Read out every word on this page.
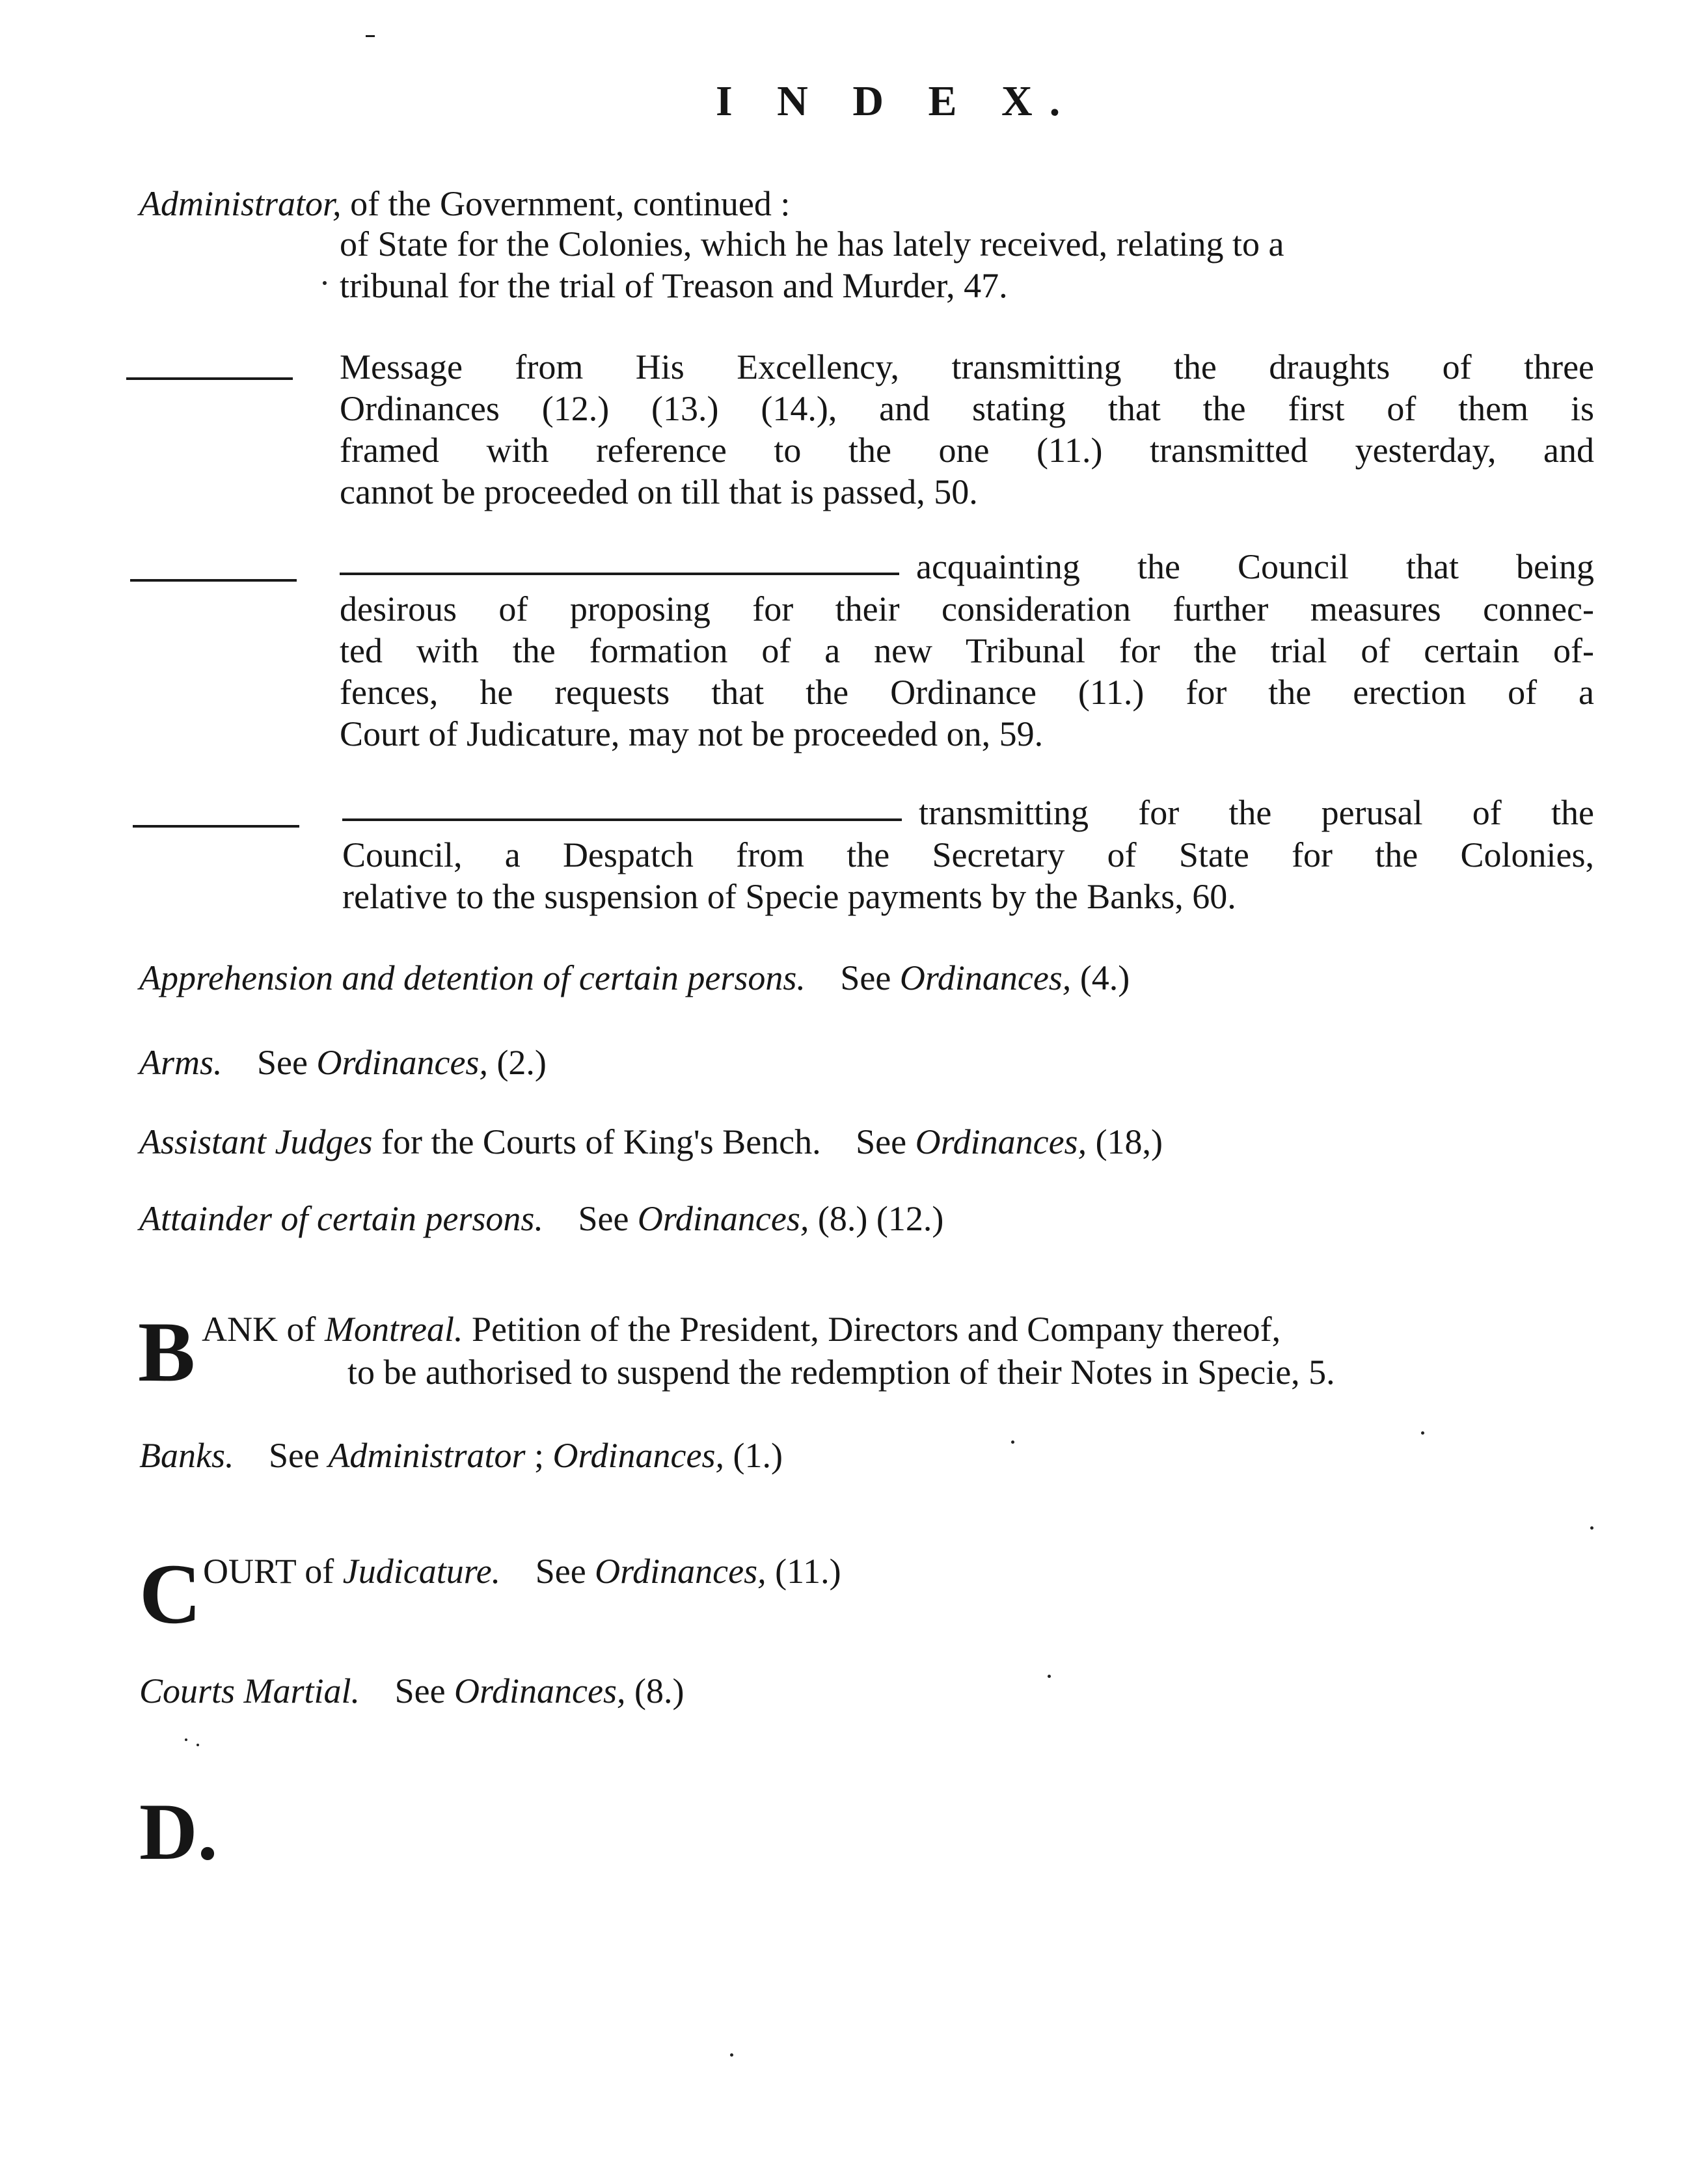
I N D E X.
Administrator, of the Government, continued :
of State for the Colonies, which he has lately received, relating to a
tribunal for the trial of Treason and Murder, 47.
Message from His Excellency, transmitting the draughts of three
Ordinances (12.) (13.) (14.), and stating that the first of them is
framed with reference to the one (11.) transmitted yesterday, and
cannot be proceeded on till that is passed, 50.
acquainting the Council that being
desirous of proposing for their consideration further measures connec-
ted with the formation of a new Tribunal for the trial of certain of-
fences, he requests that the Ordinance (11.) for the erection of a
Court of Judicature, may not be proceeded on, 59.
transmitting for the perusal of the
Council, a Despatch from the Secretary of State for the Colonies,
relative to the suspension of Specie payments by the Banks, 60.
Apprehension and detention of certain persons. See Ordinances, (4.)
Arms. See Ordinances, (2.)
Assistant Judges for the Courts of King's Bench. See Ordinances, (18,)
Attainder of certain persons. See Ordinances, (8.) (12.)
B ANK of Montreal. Petition of the President, Directors and Company thereof,
to be authorised to suspend the redemption of their Notes in Specie, 5.
Banks. See Administrator ; Ordinances, (1.)
C OURT of Judicature. See Ordinances, (11.)
Courts Martial. See Ordinances, (8.)
D.
